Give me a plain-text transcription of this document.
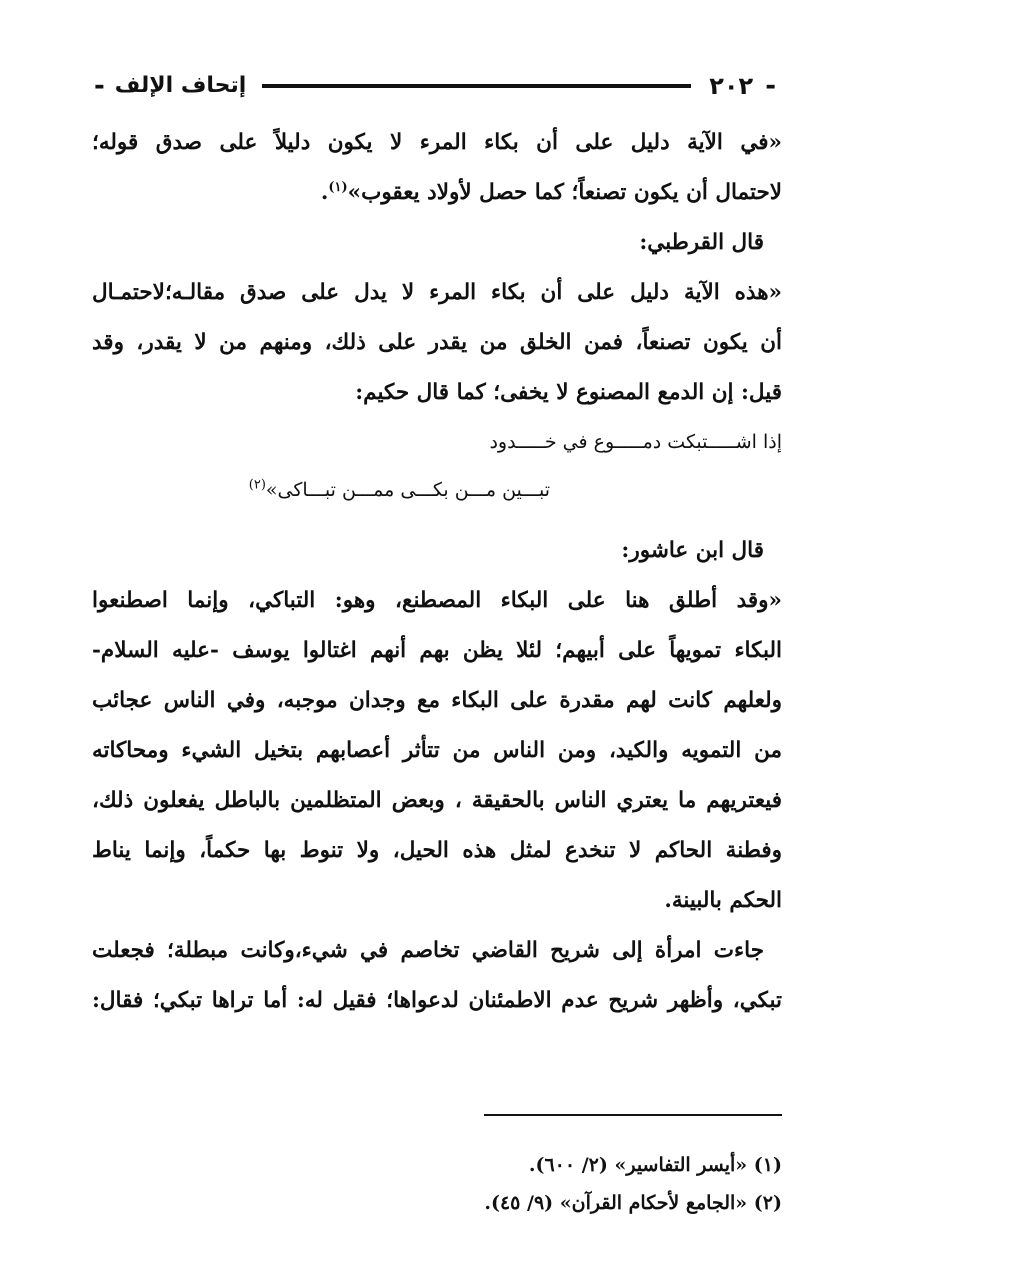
-
٢٠٢
إتحاف الإلف
-
«في الآية دليل على أن بكاء المرء لا يكون دليلاً على صدق قوله؛
لاحتمال أن يكون تصنعاً؛ كما حصل لأولاد يعقوب»$^{(١)}$.
قال القرطبي:
«هذه الآية دليل على أن بكاء المرء لا يدل على صدق مقالـه؛لاحتمـال
أن يكون تصنعاً، فمن الخلق من يقدر على ذلك، ومنهم من لا يقدر، وقد
قيل: إن الدمع المصنوع لا يخفى؛ كما قال حكيم:
إذا اشـــــتبكت دمـــــوع في خـــــدود
تبـــين مـــن بكـــى ممـــن تبـــاكى»$^{(٢)}$
قال ابن عاشور:
«وقد أطلق هنا على البكاء المصطنع، وهو: التباكي، وإنما اصطنعوا
البكاء تمويهاً على أبيهم؛ لئلا يظن بهم أنهم اغتالوا يوسف -عليه السلام-
ولعلهم كانت لهم مقدرة على البكاء مع وجدان موجبه، وفي الناس عجائب
من التمويه والكيد، ومن الناس من تتأثر أعصابهم بتخيل الشيء ومحاكاته
فيعتريهم ما يعتري الناس بالحقيقة ، وبعض المتظلمين بالباطل يفعلون ذلك،
وفطنة الحاكم لا تنخدع لمثل هذه الحيل، ولا تنوط بها حكماً، وإنما يناط
الحكم بالبينة.
جاءت امرأة إلى شريح القاضي تخاصم في شيء،وكانت مبطلة؛ فجعلت
تبكي، وأظهر شريح عدم الاطمئنان لدعواها؛ فقيل له: أما تراها تبكي؛ فقال:
(١) «أيسر التفاسير» (٢/ ٦٠٠).
(٢) «الجامع لأحكام القرآن» (٩/ ٤٥).
